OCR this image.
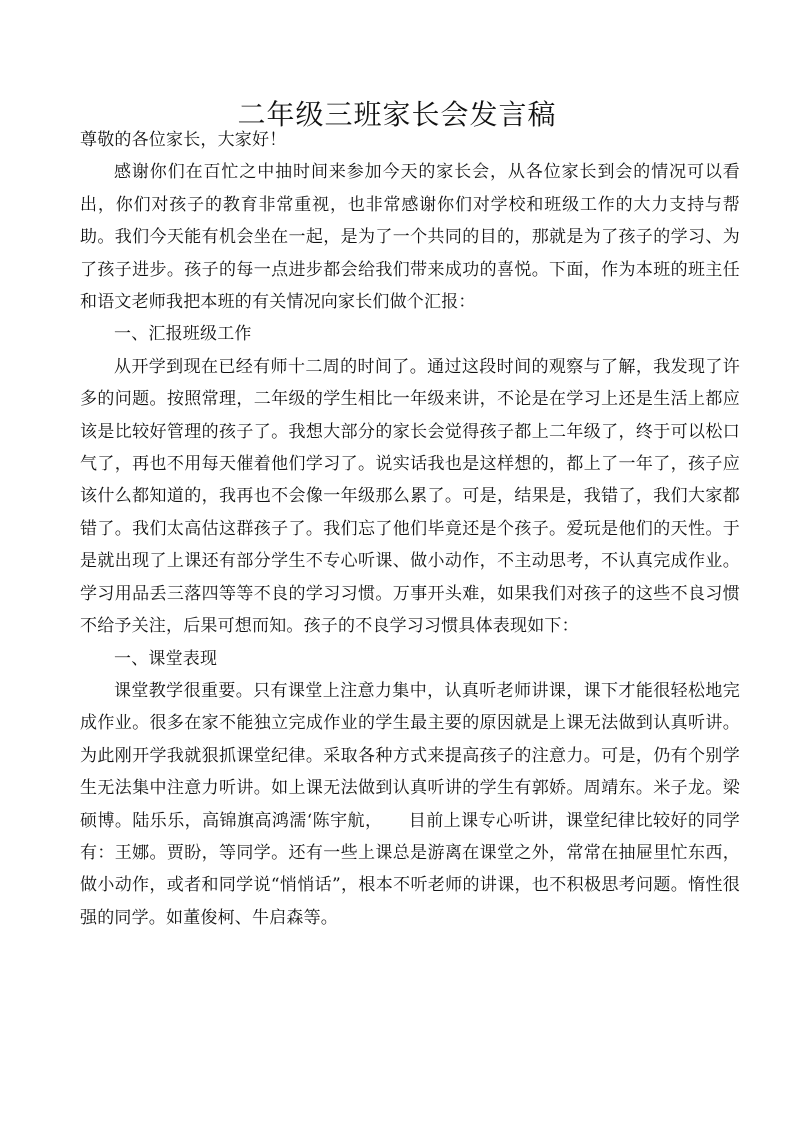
二年级三班家长会发言稿

尊敬的各位家长，大家好！

感谢你们在百忙之中抽时间来参加今天的家长会，从各位家长到会的情况可以看出，你们对孩子的教育非常重视，也非常感谢你们对学校和班级工作的大力支持与帮助。我们今天能有机会坐在一起，是为了一个共同的目的，那就是为了孩子的学习、为了孩子进步。孩子的每一点进步都会给我们带来成功的喜悦。下面，作为本班的班主任和语文老师我把本班的有关情况向家长们做个汇报：

一、汇报班级工作

从开学到现在已经有师十二周的时间了。通过这段时间的观察与了解，我发现了许多的问题。按照常理，二年级的学生相比一年级来讲，不论是在学习上还是生活上都应该是比较好管理的孩子了。我想大部分的家长会觉得孩子都上二年级了，终于可以松口气了，再也不用每天催着他们学习了。说实话我也是这样想的，都上了一年了，孩子应该什么都知道的，我再也不会像一年级那么累了。可是，结果是，我错了，我们大家都错了。我们太高估这群孩子了。我们忘了他们毕竟还是个孩子。爱玩是他们的天性。于是就出现了上课还有部分学生不专心听课、做小动作，不主动思考，不认真完成作业。学习用品丢三落四等等不良的学习习惯。万事开头难，如果我们对孩子的这些不良习惯不给予关注，后果可想而知。孩子的不良学习习惯具体表现如下：

一、课堂表现

课堂教学很重要。只有课堂上注意力集中，认真听老师讲课，课下才能很轻松地完成作业。很多在家不能独立完成作业的学生最主要的原因就是上课无法做到认真听讲。为此刚开学我就狠抓课堂纪律。采取各种方式来提高孩子的注意力。可是，仍有个别学生无法集中注意力听讲。如上课无法做到认真听讲的学生有郭娇。周靖东。米子龙。梁硕博。陆乐乐，高锦旗高鸿濡‘陈宇航，　　目前上课专心听讲，课堂纪律比较好的同学有：王娜。贾盼，等同学。还有一些上课总是游离在课堂之外，常常在抽屉里忙东西，做小动作，或者和同学说“悄悄话”，根本不听老师的讲课，也不积极思考问题。惰性很强的同学。如董俊柯、牛启森等。
